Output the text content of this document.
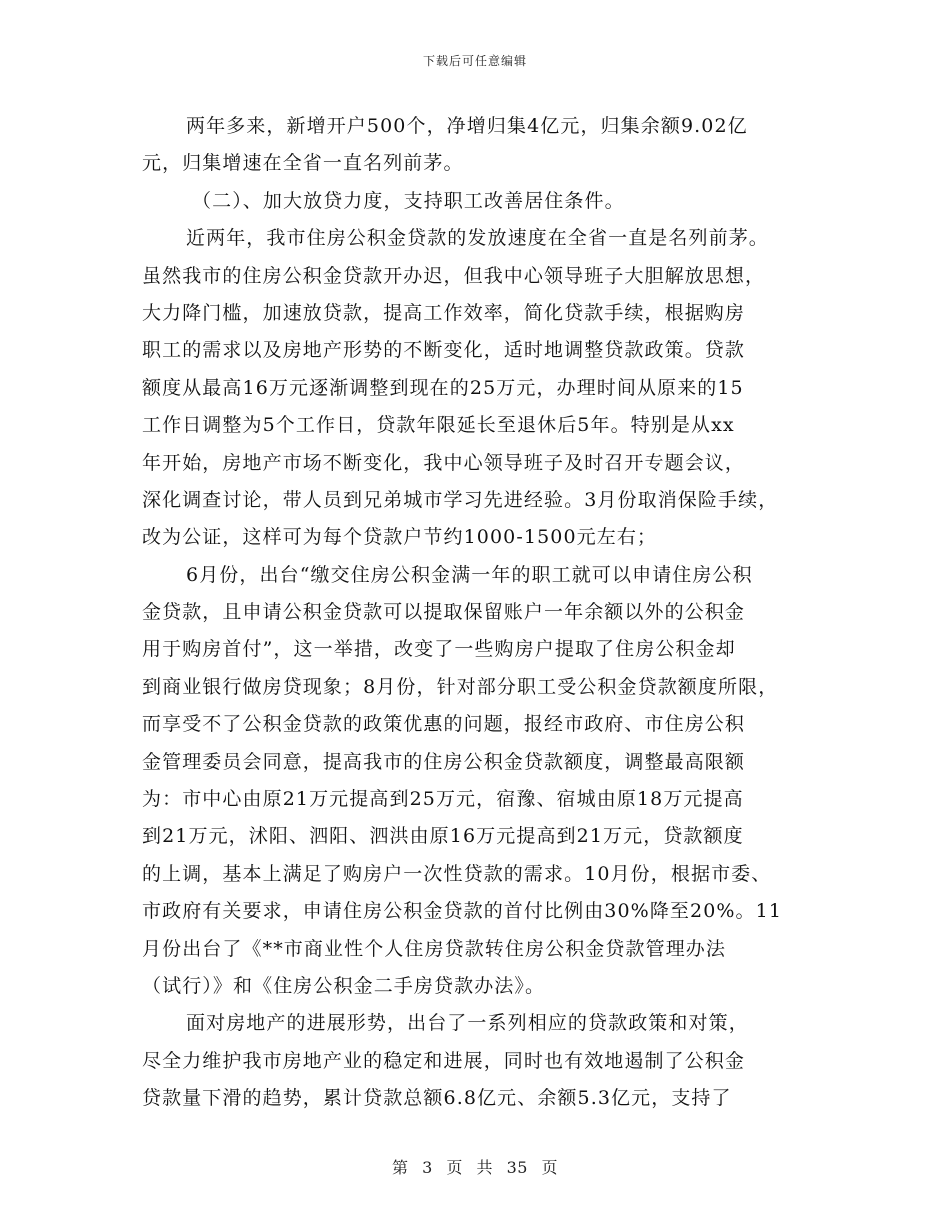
下载后可任意编辑
两年多来，新增开户500个，净增归集4亿元，归集余额9.02亿
元，归集增速在全省一直名列前茅。
（二）、加大放贷力度，支持职工改善居住条件。
近两年，我市住房公积金贷款的发放速度在全省一直是名列前茅。
虽然我市的住房公积金贷款开办迟，但我中心领导班子大胆解放思想，
大力降门槛，加速放贷款，提高工作效率，简化贷款手续，根据购房
职工的需求以及房地产形势的不断变化，适时地调整贷款政策。贷款
额度从最高16万元逐渐调整到现在的25万元，办理时间从原来的15
工作日调整为5个工作日，贷款年限延长至退休后5年。特别是从xx
年开始，房地产市场不断变化，我中心领导班子及时召开专题会议，
深化调查讨论，带人员到兄弟城市学习先进经验。3月份取消保险手续，
改为公证，这样可为每个贷款户节约1000-1500元左右；
6月份，出台“缴交住房公积金满一年的职工就可以申请住房公积
金贷款，且申请公积金贷款可以提取保留账户一年余额以外的公积金
用于购房首付”，这一举措，改变了一些购房户提取了住房公积金却
到商业银行做房贷现象；8月份，针对部分职工受公积金贷款额度所限，
而享受不了公积金贷款的政策优惠的问题，报经市政府、市住房公积
金管理委员会同意，提高我市的住房公积金贷款额度，调整最高限额
为：市中心由原21万元提高到25万元，宿豫、宿城由原18万元提高
到21万元，沭阳、泗阳、泗洪由原16万元提高到21万元，贷款额度
的上调，基本上满足了购房户一次性贷款的需求。10月份，根据市委、
市政府有关要求，申请住房公积金贷款的首付比例由30%降至20%。11
月份出台了《**市商业性个人住房贷款转住房公积金贷款管理办法
（试行）》和《住房公积金二手房贷款办法》。
面对房地产的进展形势，出台了一系列相应的贷款政策和对策，
尽全力维护我市房地产业的稳定和进展，同时也有效地遏制了公积金
贷款量下滑的趋势，累计贷款总额6.8亿元、余额5.3亿元，支持了
第 3 页 共 35 页
